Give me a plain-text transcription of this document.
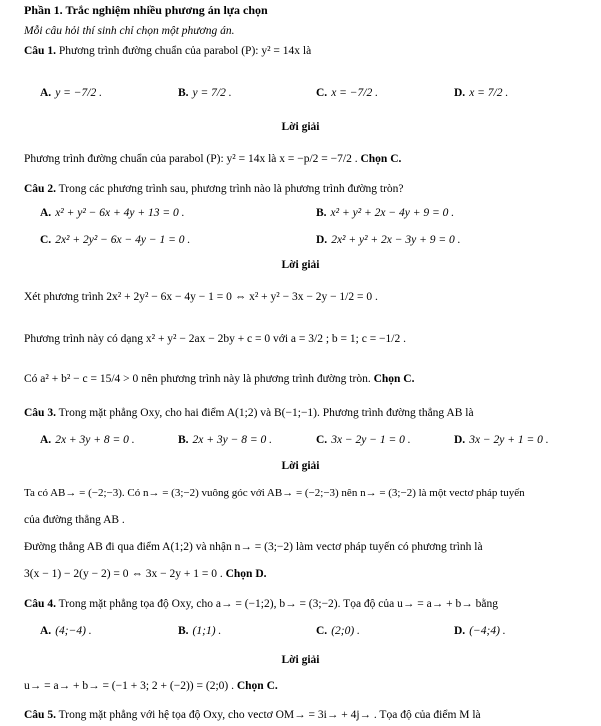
Phần 1. Trắc nghiệm nhiều phương án lựa chọn
Mỗi câu hỏi thí sinh chỉ chọn một phương án.
Câu 1. Phương trình đường chuẩn của parabol (P): y² = 14x là
A. y = −7/2 .	B. y = 7/2 .	C. x = −7/2 .	D. x = 7/2 .
Lời giải
Phương trình đường chuẩn của parabol (P): y² = 14x là x = −p/2 = −7/2 . Chọn C.
Câu 2. Trong các phương trình sau, phương trình nào là phương trình đường tròn?
A. x² + y² − 6x + 4y + 13 = 0 .	B. x² + y² + 2x − 4y + 9 = 0 .
C. 2x² + 2y² − 6x − 4y − 1 = 0 .	D. 2x² + y² + 2x − 3y + 9 = 0 .
Lời giải
Xét phương trình 2x² + 2y² − 6x − 4y − 1 = 0 ⇔ x² + y² − 3x − 2y − 1/2 = 0 .
Phương trình này có dạng x² + y² − 2ax − 2by + c = 0 với a = 3/2 ; b = 1; c = −1/2 .
Có a² + b² − c = 15/4 > 0 nên phương trình này là phương trình đường tròn. Chọn C.
Câu 3. Trong mặt phẳng Oxy, cho hai điểm A(1;2) và B(−1;−1). Phương trình đường thẳng AB là
A. 2x + 3y + 8 = 0 .	B. 2x + 3y − 8 = 0 .	C. 3x − 2y − 1 = 0 .	D. 3x − 2y + 1 = 0 .
Lời giải
Ta có AB→ = (−2;−3). Có n→ = (3;−2) vuông góc với AB→ = (−2;−3) nên n→ = (3;−2) là một vectơ pháp tuyến
của đường thẳng AB .
Đường thẳng AB đi qua điểm A(1;2) và nhận n→ = (3;−2) làm vectơ pháp tuyến có phương trình là
3(x − 1) − 2(y − 2) = 0 ⇔ 3x − 2y + 1 = 0 . Chọn D.
Câu 4. Trong mặt phẳng tọa độ Oxy, cho a→ = (−1;2), b→ = (3;−2). Tọa độ của u→ = a→ + b→ bằng
A. (4;−4) .	B. (1;1) .	C. (2;0) .	D. (−4;4) .
Lời giải
u→ = a→ + b→ = (−1 + 3; 2 + (−2)) = (2;0) . Chọn C.
Câu 5. Trong mặt phẳng với hệ tọa độ Oxy, cho vectơ OM→ = 3i→ + 4j→ . Tọa độ của điểm M là
